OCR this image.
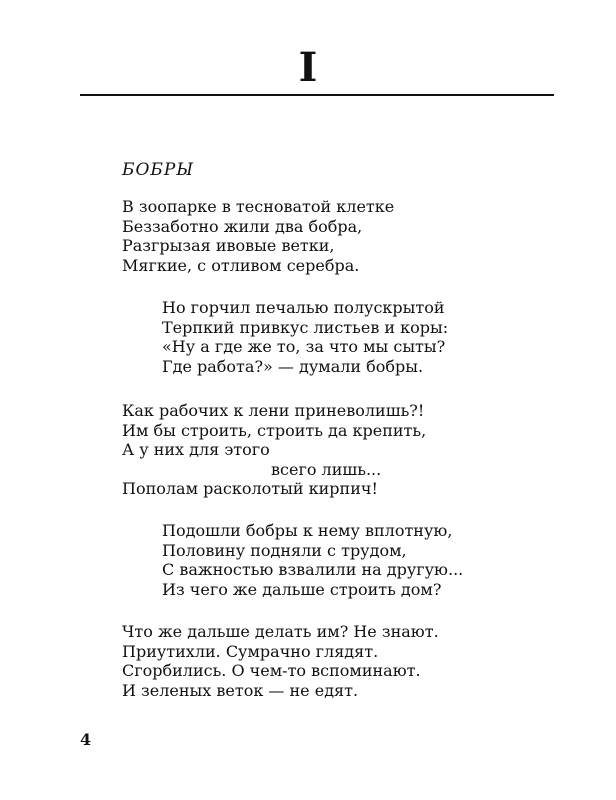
I
БОБРЫ
В зоопарке в тесноватой клетке
Беззаботно жили два бобра,
Разгрызая ивовые ветки,
Мягкие, с отливом серебра.
Но горчил печалью полускрытой
Терпкий привкус листьев и коры:
«Ну а где же то, за что мы сыты?
Где работа?» — думали бобры.
Как рабочих к лени приневолишь?!
Им бы строить, строить да крепить,
А у них для этого
всего лишь...
Пополам расколотый кирпич!
Подошли бобры к нему вплотную,
Половину подняли с трудом,
С важностью взвалили на другую...
Из чего же дальше строить дом?
Что же дальше делать им? Не знают.
Приутихли. Сумрачно глядят.
Сгорбились. О чем-то вспоминают.
И зеленых веток — не едят.
4
